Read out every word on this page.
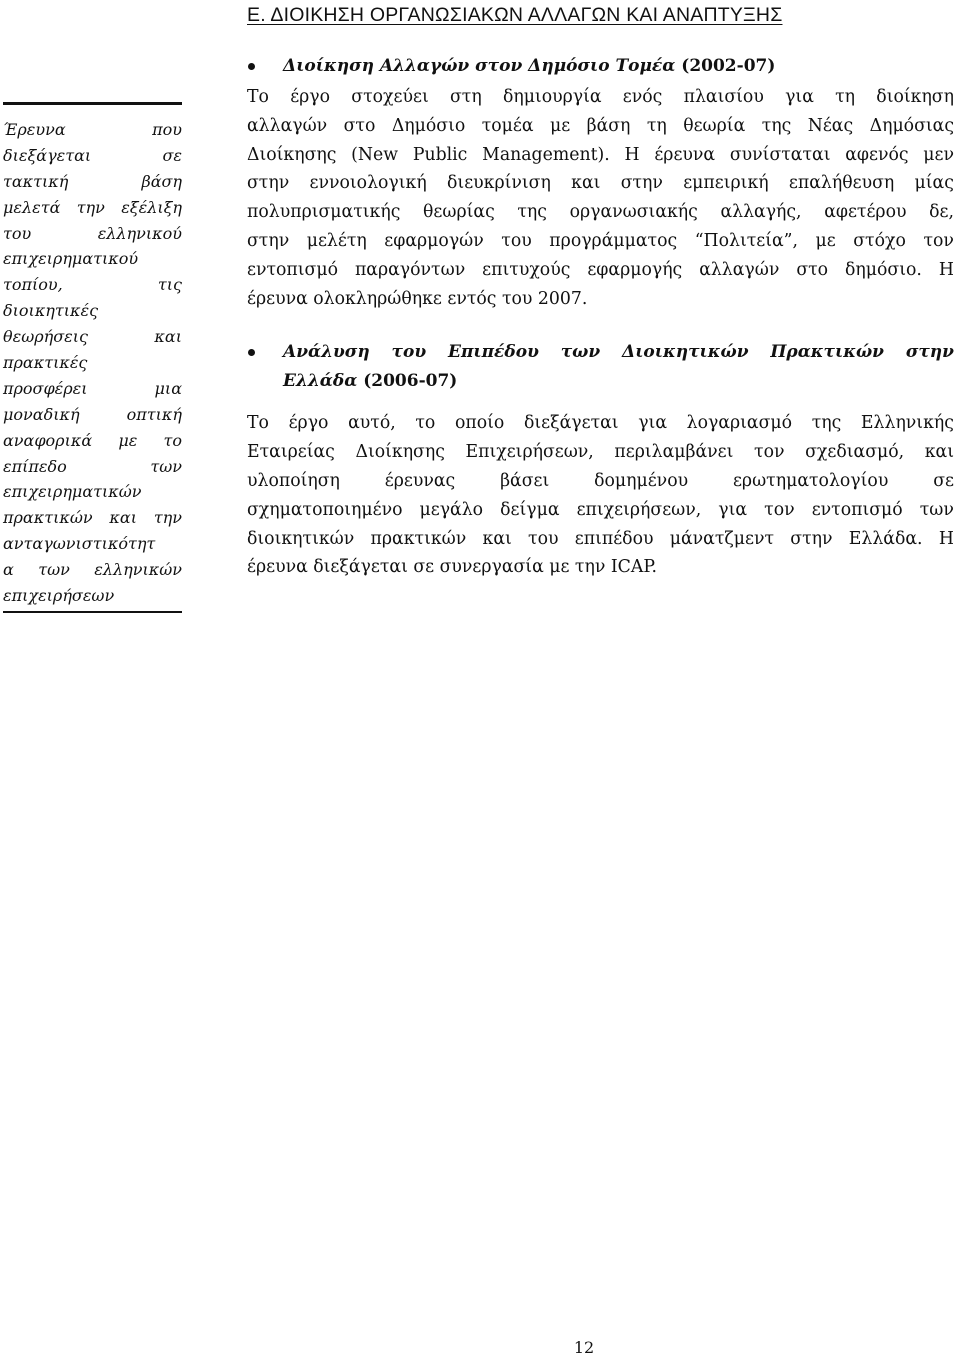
Ε. ΔΙΟΙΚΗΣΗ ΟΡΓΑΝΩΣΙΑΚΩΝ ΑΛΛΑΓΩΝ ΚΑΙ ΑΝΑΠΤΥΞΗΣ
Έρευνα	που
διεξάγεται	σε
τακτική	βάση
μελετά την εξέλιξη
του	ελληνικού
επιχειρηματικού
τοπίου,	τις
διοικητικές
θεωρήσεις	και
πρακτικές
προσφέρει	μια
μοναδική	οπτική
αναφορικά με το
επίπεδο	των
επιχειρηματικών
πρακτικών και την
ανταγωνιστικότητ
α των ελληνικών
επιχειρήσεων
Διοίκηση Αλλαγών στον Δημόσιο Τομέα (2002-07)
Το έργο στοχεύει στη δημιουργία ενός πλαισίου για τη διοίκηση
αλλαγών στο Δημόσιο τομέα με βάση τη θεωρία της Νέας Δημόσιας
Διοίκησης (New Public Management). Η έρευνα συνίσταται αφενός μεν
στην εννοιολογική διευκρίνιση και στην εμπειρική επαλήθευση μίας
πολυπρισματικής θεωρίας της οργανωσιακής αλλαγής, αφετέρου δε,
στην μελέτη εφαρμογών του προγράμματος “Πολιτεία”, με στόχο τον
εντοπισμό παραγόντων επιτυχούς εφαρμογής αλλαγών στο δημόσιο. Η
έρευνα ολοκληρώθηκε εντός του 2007.
Ανάλυση του Επιπέδου των Διοικητικών Πρακτικών στην
Ελλάδα (2006-07)
Το έργο αυτό, το οποίο διεξάγεται για λογαριασμό της Ελληνικής
Εταιρείας Διοίκησης Επιχειρήσεων, περιλαμβάνει τον σχεδιασμό, και
υλοποίηση	έρευνας	βάσει	δομημένου	ερωτηματολογίου	σε
σχηματοποιημένο μεγάλο δείγμα επιχειρήσεων, για τον εντοπισμό των
διοικητικών πρακτικών και του επιπέδου μάνατζμεντ στην Ελλάδα. Η
έρευνα διεξάγεται σε συνεργασία με την ICAP.
12
